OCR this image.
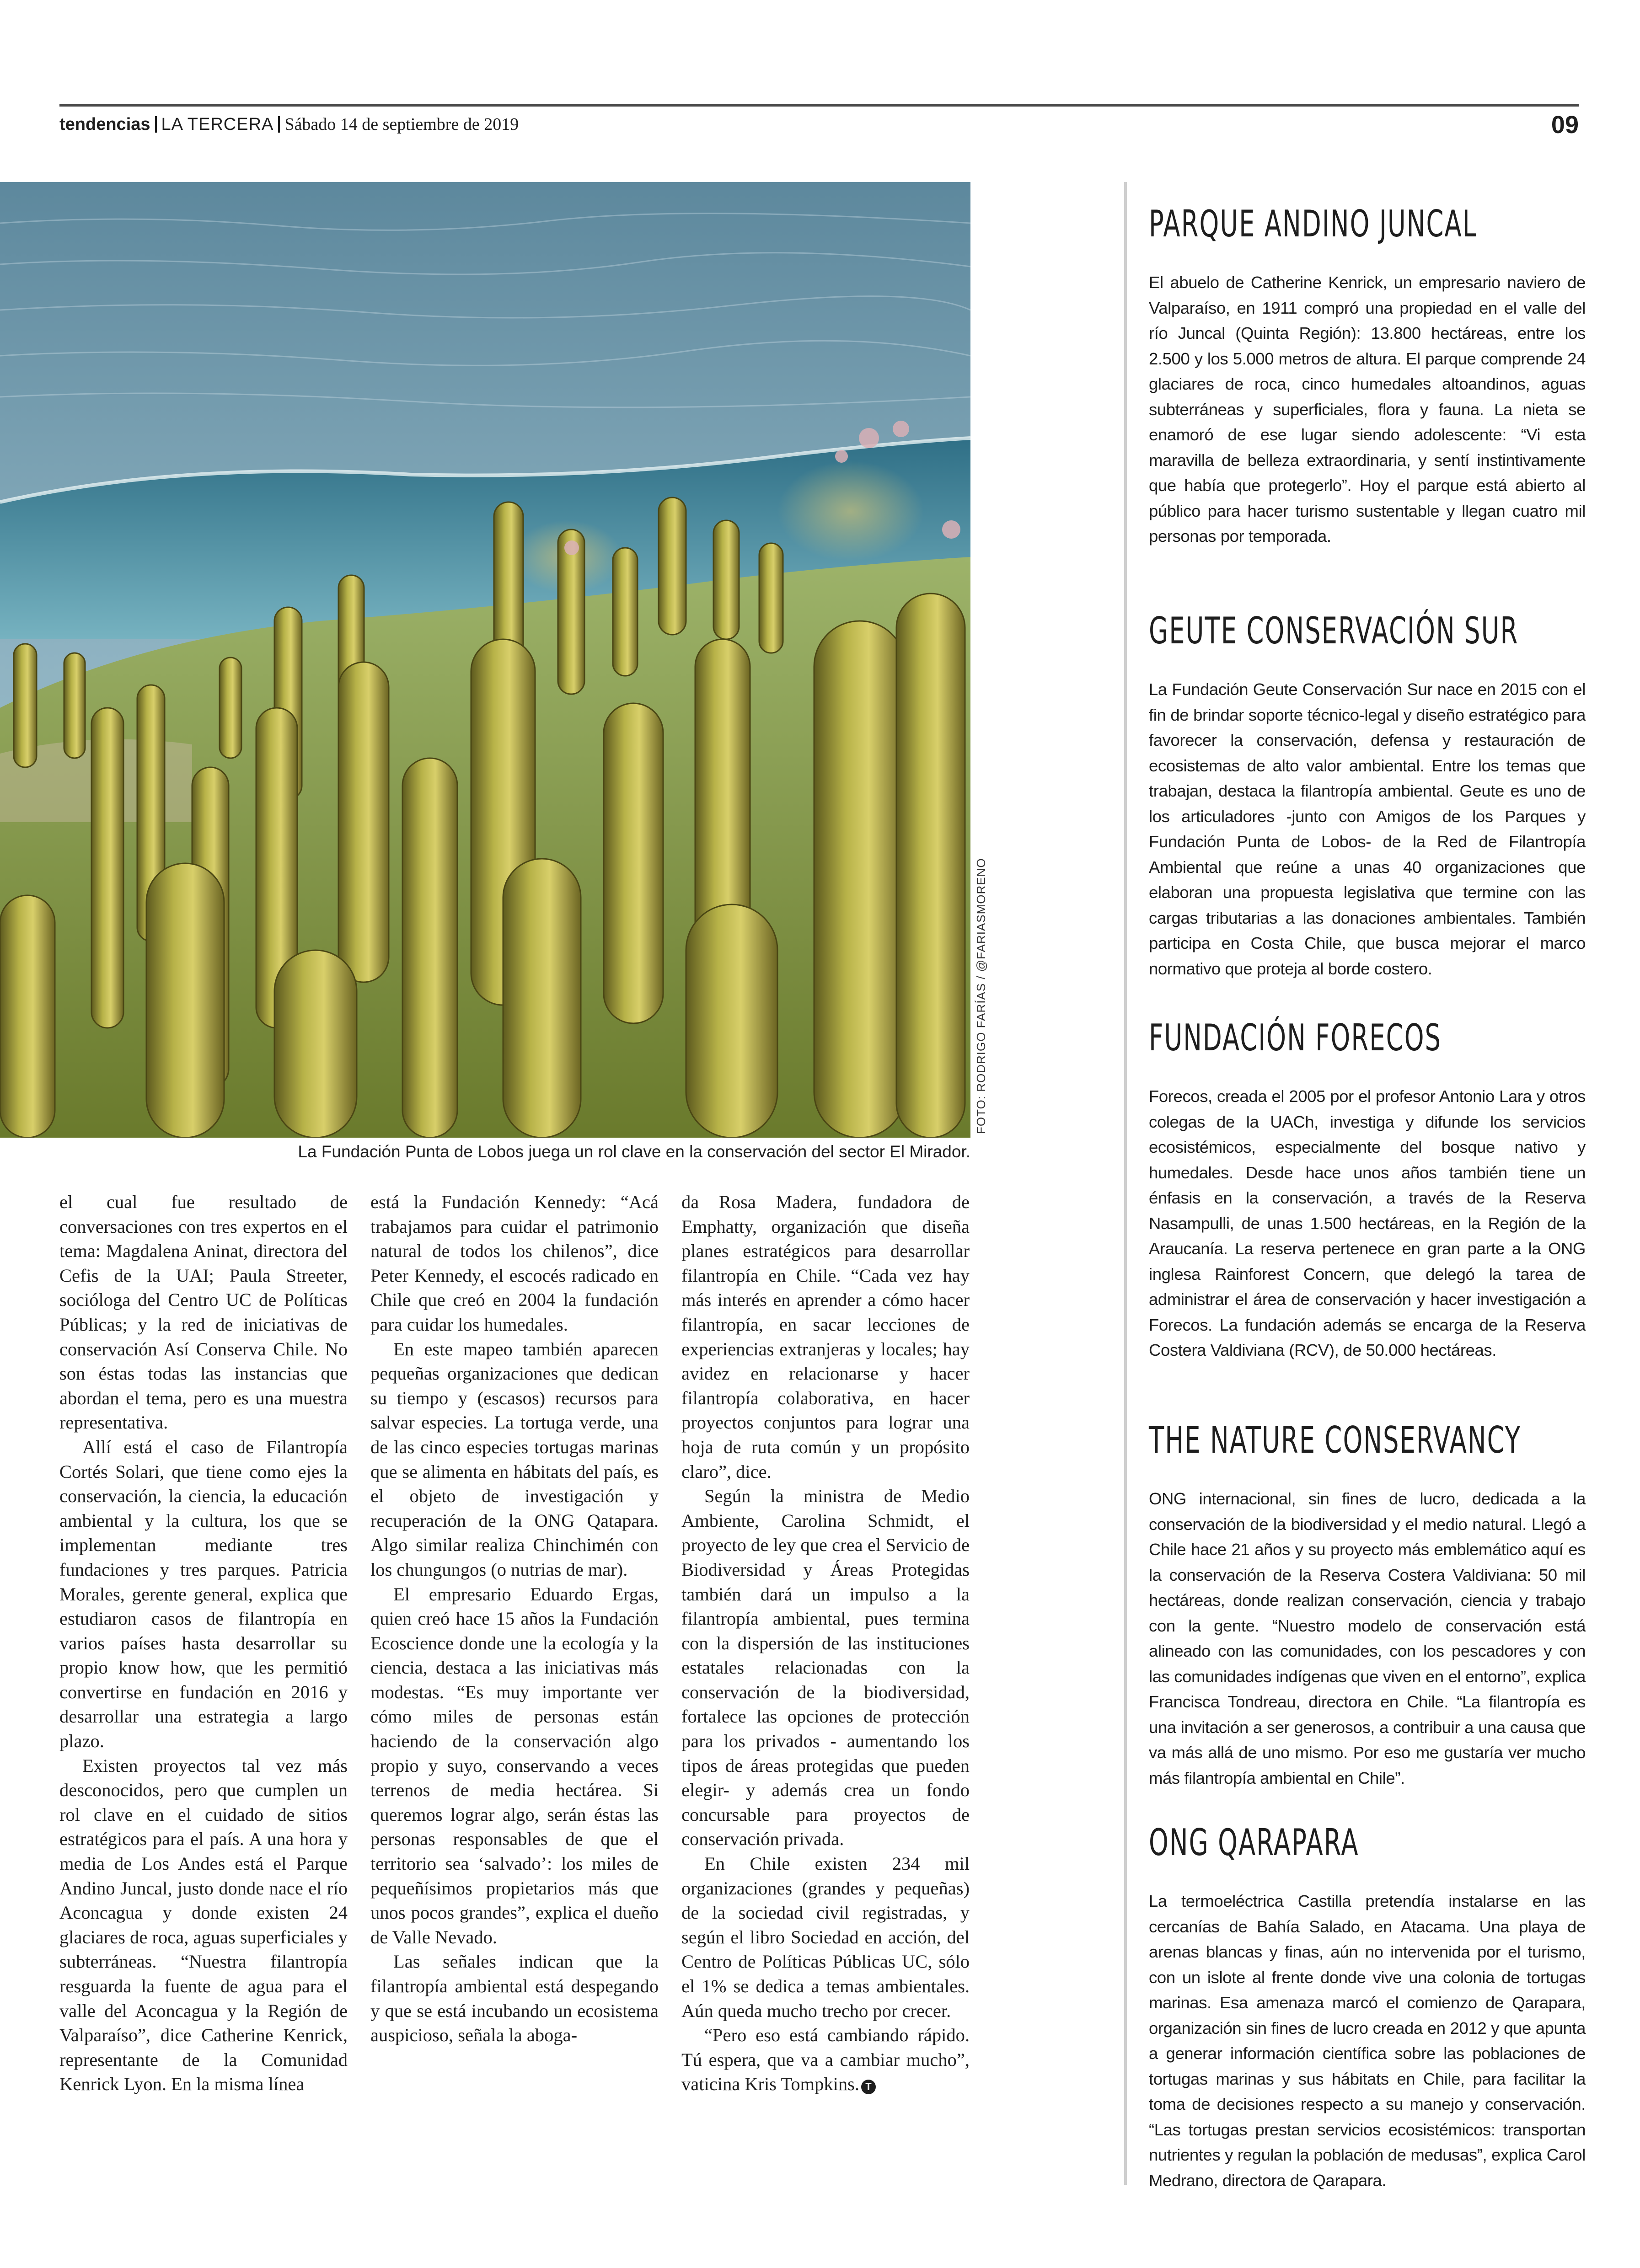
tendencias LA TERCERA Sábado 14 de septiembre de 2019	09
FOTO: RODRIGO FARÍAS / @FARIASMORENO
La Fundación Punta de Lobos juega un rol clave en la conservación del sector El Mirador.

el cual fue resultado de conversaciones con tres expertos en el tema: Magdalena Aninat, directora del Cefis de la UAI; Paula Streeter, socióloga del Centro UC de Políticas Públicas; y la red de iniciativas de conservación Así Conserva Chile. No son éstas todas las instancias que abordan el tema, pero es una muestra representativa.

Allí está el caso de Filantropía Cortés Solari, que tiene como ejes la conservación, la ciencia, la educación ambiental y la cultura, los que se implementan mediante tres fundaciones y tres parques. Patricia Morales, gerente general, explica que estudiaron casos de filantropía en varios países hasta desarrollar su propio know how, que les permitió convertirse en fundación en 2016 y desarrollar una estrategia a largo plazo.

Existen proyectos tal vez más desconocidos, pero que cumplen un rol clave en el cuidado de sitios estratégicos para el país. A una hora y media de Los Andes está el Parque Andino Juncal, justo donde nace el río Aconcagua y donde existen 24 glaciares de roca, aguas superficiales y subterráneas. “Nuestra filantropía resguarda la fuente de agua para el valle del Aconcagua y la Región de Valparaíso”, dice Catherine Kenrick, representante de la Comunidad Kenrick Lyon. En la misma línea

está la Fundación Kennedy: “Acá trabajamos para cuidar el patrimonio natural de todos los chilenos”, dice Peter Kennedy, el escocés radicado en Chile que creó en 2004 la fundación para cuidar los humedales.

En este mapeo también aparecen pequeñas organizaciones que dedican su tiempo y (escasos) recursos para salvar especies. La tortuga verde, una de las cinco especies tortugas marinas que se alimenta en hábitats del país, es el objeto de investigación y recuperación de la ONG Qatapara. Algo similar realiza Chinchimén con los chungungos (o nutrias de mar).

El empresario Eduardo Ergas, quien creó hace 15 años la Fundación Ecoscience donde une la ecología y la ciencia, destaca a las iniciativas más modestas. “Es muy importante ver cómo miles de personas están haciendo de la conservación algo propio y suyo, conservando a veces terrenos de media hectárea. Si queremos lograr algo, serán éstas las personas responsables de que el territorio sea ‘salvado’: los miles de pequeñísimos propietarios más que unos pocos grandes”, explica el dueño de Valle Nevado.

Las señales indican que la filantropía ambiental está despegando y que se está incubando un ecosistema auspicioso, señala la aboga-

da Rosa Madera, fundadora de Emphatty, organización que diseña planes estratégicos para desarrollar filantropía en Chile. “Cada vez hay más interés en aprender a cómo hacer filantropía, en sacar lecciones de experiencias extranjeras y locales; hay avidez en relacionarse y hacer filantropía colaborativa, en hacer proyectos conjuntos para lograr una hoja de ruta común y un propósito claro”, dice.

Según la ministra de Medio Ambiente, Carolina Schmidt, el proyecto de ley que crea el Servicio de Biodiversidad y Áreas Protegidas también dará un impulso a la filantropía ambiental, pues termina con la dispersión de las instituciones estatales relacionadas con la conservación de la biodiversidad, fortalece las opciones de protección para los privados - aumentando los tipos de áreas protegidas que pueden elegir- y además crea un fondo concursable para proyectos de conservación privada.

En Chile existen 234 mil organizaciones (grandes y pequeñas) de la sociedad civil registradas, y según el libro Sociedad en acción, del Centro de Políticas Públicas UC, sólo el 1% se dedica a temas ambientales. Aún queda mucho trecho por crecer.

“Pero eso está cambiando rápido. Tú espera, que va a cambiar mucho”, vaticina Kris Tompkins. T

PARQUE ANDINO JUNCAL

El abuelo de Catherine Kenrick, un empresario naviero de Valparaíso, en 1911 compró una propiedad en el valle del río Juncal (Quinta Región): 13.800 hectáreas, entre los 2.500 y los 5.000 metros de altura. El parque comprende 24 glaciares de roca, cinco humedales altoandinos, aguas subterráneas y superficiales, flora y fauna. La nieta se enamoró de ese lugar siendo adolescente: “Vi esta maravilla de belleza extraordinaria, y sentí instintivamente que había que protegerlo”. Hoy el parque está abierto al público para hacer turismo sustentable y llegan cuatro mil personas por temporada.

GEUTE CONSERVACIÓN SUR

La Fundación Geute Conservación Sur nace en 2015 con el fin de brindar soporte técnico-legal y diseño estratégico para favorecer la conservación, defensa y restauración de ecosistemas de alto valor ambiental. Entre los temas que trabajan, destaca la filantropía ambiental. Geute es uno de los articuladores -junto con Amigos de los Parques y Fundación Punta de Lobos- de la Red de Filantropía Ambiental que reúne a unas 40 organizaciones que elaboran una propuesta legislativa que termine con las cargas tributarias a las donaciones ambientales. También participa en Costa Chile, que busca mejorar el marco normativo que proteja al borde costero.

FUNDACIÓN FORECOS

Forecos, creada el 2005 por el profesor Antonio Lara y otros colegas de la UACh, investiga y difunde los servicios ecosistémicos, especialmente del bosque nativo y humedales. Desde hace unos años también tiene un énfasis en la conservación, a través de la Reserva Nasampulli, de unas 1.500 hectáreas, en la Región de la Araucanía. La reserva pertenece en gran parte a la ONG inglesa Rainforest Concern, que delegó la tarea de administrar el área de conservación y hacer investigación a Forecos. La fundación además se encarga de la Reserva Costera Valdiviana (RCV), de 50.000 hectáreas.

THE NATURE CONSERVANCY

ONG internacional, sin fines de lucro, dedicada a la conservación de la biodiversidad y el medio natural. Llegó a Chile hace 21 años y su proyecto más emblemático aquí es la conservación de la Reserva Costera Valdiviana: 50 mil hectáreas, donde realizan conservación, ciencia y trabajo con la gente. “Nuestro modelo de conservación está alineado con las comunidades, con los pescadores y con las comunidades indígenas que viven en el entorno”, explica Francisca Tondreau, directora en Chile. “La filantropía es una invitación a ser generosos, a contribuir a una causa que va más allá de uno mismo. Por eso me gustaría ver mucho más filantropía ambiental en Chile”.

ONG QARAPARA

La termoeléctrica Castilla pretendía instalarse en las cercanías de Bahía Salado, en Atacama. Una playa de arenas blancas y finas, aún no intervenida por el turismo, con un islote al frente donde vive una colonia de tortugas marinas. Esa amenaza marcó el comienzo de Qarapara, organización sin fines de lucro creada en 2012 y que apunta a generar información científica sobre las poblaciones de tortugas marinas y sus hábitats en Chile, para facilitar la toma de decisiones respecto a su manejo y conservación. “Las tortugas prestan servicios ecosistémicos: transportan nutrientes y regulan la población de medusas”, explica Carol Medrano, directora de Qarapara.
